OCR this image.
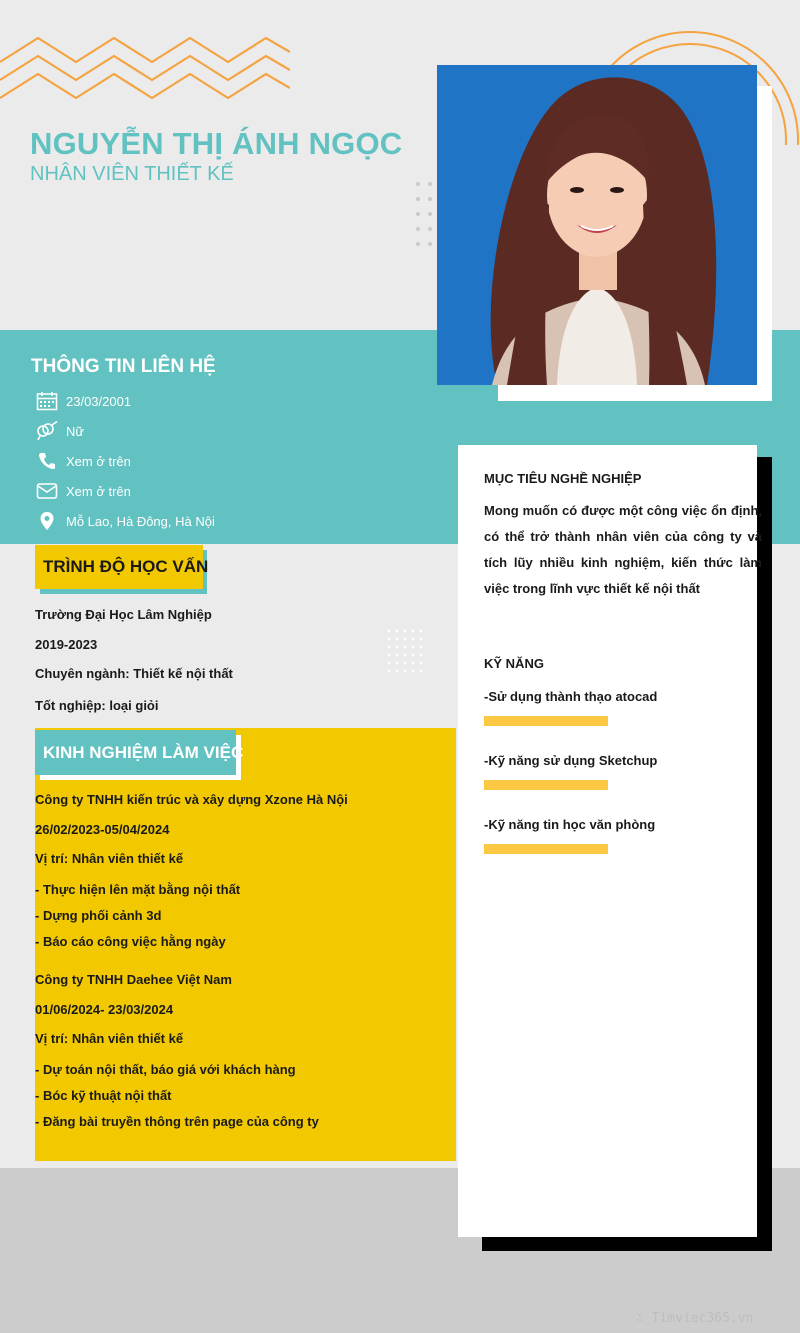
NGUYỄN THỊ ÁNH NGỌC
NHÂN VIÊN THIẾT KẾ
THÔNG TIN LIÊN HỆ
23/03/2001
Nữ
Xem ở trên
Xem ở trên
Mỗ Lao, Hà Đông, Hà Nội
TRÌNH ĐỘ HỌC VẤN
Trường Đại Học Lâm Nghiệp
2019-2023
Chuyên ngành: Thiết kế nội thất
Tốt nghiệp: loại giỏi
KINH NGHIỆM LÀM VIỆC
Công ty TNHH kiến trúc và xây dựng Xzone Hà Nội
26/02/2023-05/04/2024
Vị trí: Nhân viên thiết kế
- Thực hiện lên mặt bằng nội thất
- Dựng phối cảnh 3d
- Báo cáo công việc hằng ngày
Công ty TNHH Daehee Việt Nam
01/06/2024- 23/03/2024
Vị trí: Nhân viên thiết kế
- Dự toán nội thất, báo giá với khách hàng
- Bóc kỹ thuật nội thất
- Đăng bài truyền thông trên page của công ty
MỤC TIÊU NGHỀ NGHIỆP
Mong muốn có được một công việc ổn định, có thể trở thành nhân viên của công ty và tích lũy nhiều kinh nghiệm, kiến thức làm việc trong lĩnh vực thiết kế nội thất
KỸ NĂNG
-Sử dụng thành thạo atocad
-Kỹ năng sử dụng Sketchup
-Kỹ năng tin học văn phòng
∴ Timviec365.vn
